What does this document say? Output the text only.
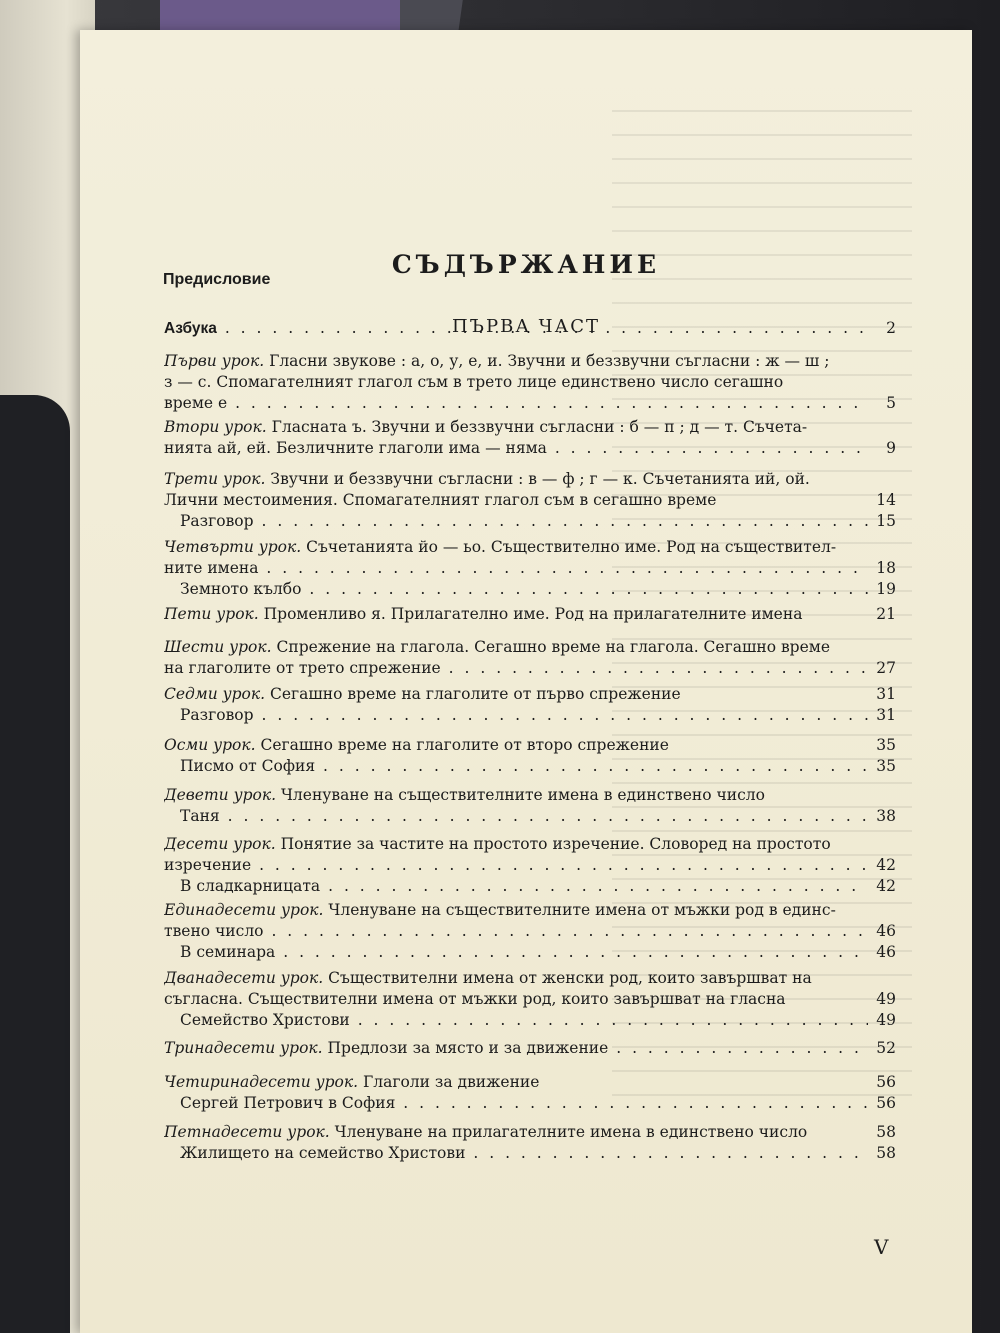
СЪДЪРЖАНИЕ
Предисловие
ПЪРВА ЧАСТ	2
Азбука . . .
5
Първи урок. Гласни звукове : а, о, у, е, и. Звучни и беззвучни съгласни : ж — ш ;
з — с. Спомагателният глагол съм в трето лице единствено число сегашно
време е . . .
9
Втори урок. Гласната ъ. Звучни и беззвучни съгласни : б — п ; д — т. Съчета-
нията ай, ей. Безличните глаголи има — няма . . .
14
15
Трети урок. Звучни и беззвучни съгласни : в — ф ; г — к. Съчетанията ий, ой.
Лични местоимения. Спомагателният глагол съм в сегашно време
Разговор . . .
18
19
Четвърти урок. Съчетанията йо — ьо. Съществително име. Род на съществител-
ните имена . . .
Земното кълбо . . .
21
Пети урок. Променливо я. Прилагателно име. Род на прилагателните имена
27
Шести урок. Спрежение на глагола. Сегашно време на глагола. Сегашно време
на глаголите от трето спрежение . . .
31
31
Седми урок. Сегашно време на глаголите от първо спрежение
Разговор . . .
35
35
Осми урок. Сегашно време на глаголите от второ спрежение
Писмо от София . . .
38
Девети урок. Членуване на съществителните имена в единствено число
Таня . . .
42
42
Десети урок. Понятие за частите на простото изречение. Словоред на простото
изречение . . .
В сладкарницата . . .
46
46
Единадесети урок. Членуване на съществителните имена от мъжки род в единс-
твено число . . .
В семинара . . .
49
49
Дванадесети урок. Съществителни имена от женски род, които завършват на
съгласна. Съществителни имена от мъжки род, които завършват на гласна
Семейство Христови . . .
52
Тринадесети урок. Предлози за място и за движение . . .
56
56
Четиринадесети урок. Глаголи за движение
Сергей Петрович в София . . .
58
58
Петнадесети урок. Членуване на прилагателните имена в единствено число
Жилището на семейство Христови . . .
V
